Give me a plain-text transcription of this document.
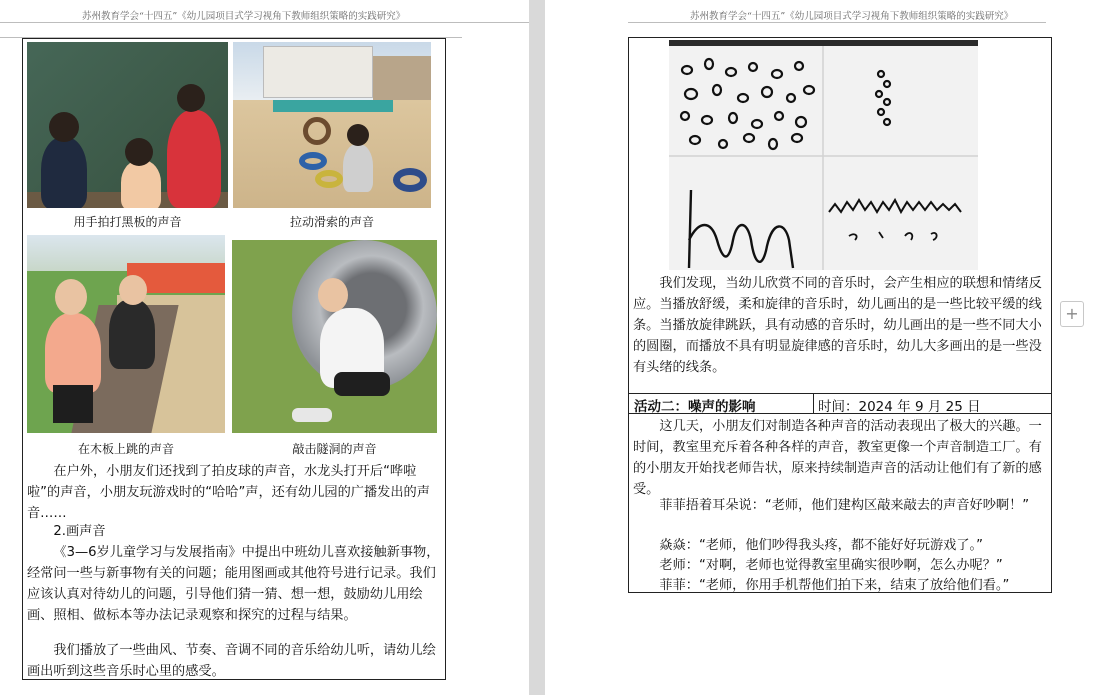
苏州教育学会“十四五”《幼儿园项目式学习视角下教师组织策略的实践研究》
用手拍打黑板的声音	拉动滑索的声音
在木板上跳的声音	敲击隧洞的声音
在户外，小朋友们还找到了拍皮球的声音，水龙头打开后“哗啦啦”的声音，小朋友玩游戏时的“哈哈”声，还有幼儿园的广播发出的声音……
2.画声音
《3—6岁儿童学习与发展指南》中提出中班幼儿喜欢接触新事物，经常问一些与新事物有关的问题；能用图画或其他符号进行记录。我们应该认真对待幼儿的问题，引导他们猜一猜、想一想，鼓励幼儿用绘画、照相、做标本等办法记录观察和探究的过程与结果。
我们播放了一些曲风、节奏、音调不同的音乐给幼儿听，请幼儿绘画出听到这些音乐时心里的感受。
苏州教育学会“十四五”《幼儿园项目式学习视角下教师组织策略的实践研究》
我们发现，当幼儿欣赏不同的音乐时，会产生相应的联想和情绪反应。当播放舒缓，柔和旋律的音乐时，幼儿画出的是一些比较平缓的线条。当播放旋律跳跃，具有动感的音乐时，幼儿画出的是一些不同大小的圆圈，而播放不具有明显旋律感的音乐时，幼儿大多画出的是一些没有头绪的线条。
活动二：噪声的影响	时间：2024 年 9 月 25 日
这几天，小朋友们对制造各种声音的活动表现出了极大的兴趣。一时间，教室里充斥着各种各样的声音，教室更像一个声音制造工厂。有的小朋友开始找老师告状，原来持续制造声音的活动让他们有了新的感受。
菲菲捂着耳朵说：“老师，他们建构区敲来敲去的声音好吵啊！”
焱焱：“老师，他们吵得我头疼，都不能好好玩游戏了。”
老师：“对啊，老师也觉得教室里确实很吵啊，怎么办呢？”
菲菲：“老师，你用手机帮他们拍下来，结束了放给他们看。”
+
